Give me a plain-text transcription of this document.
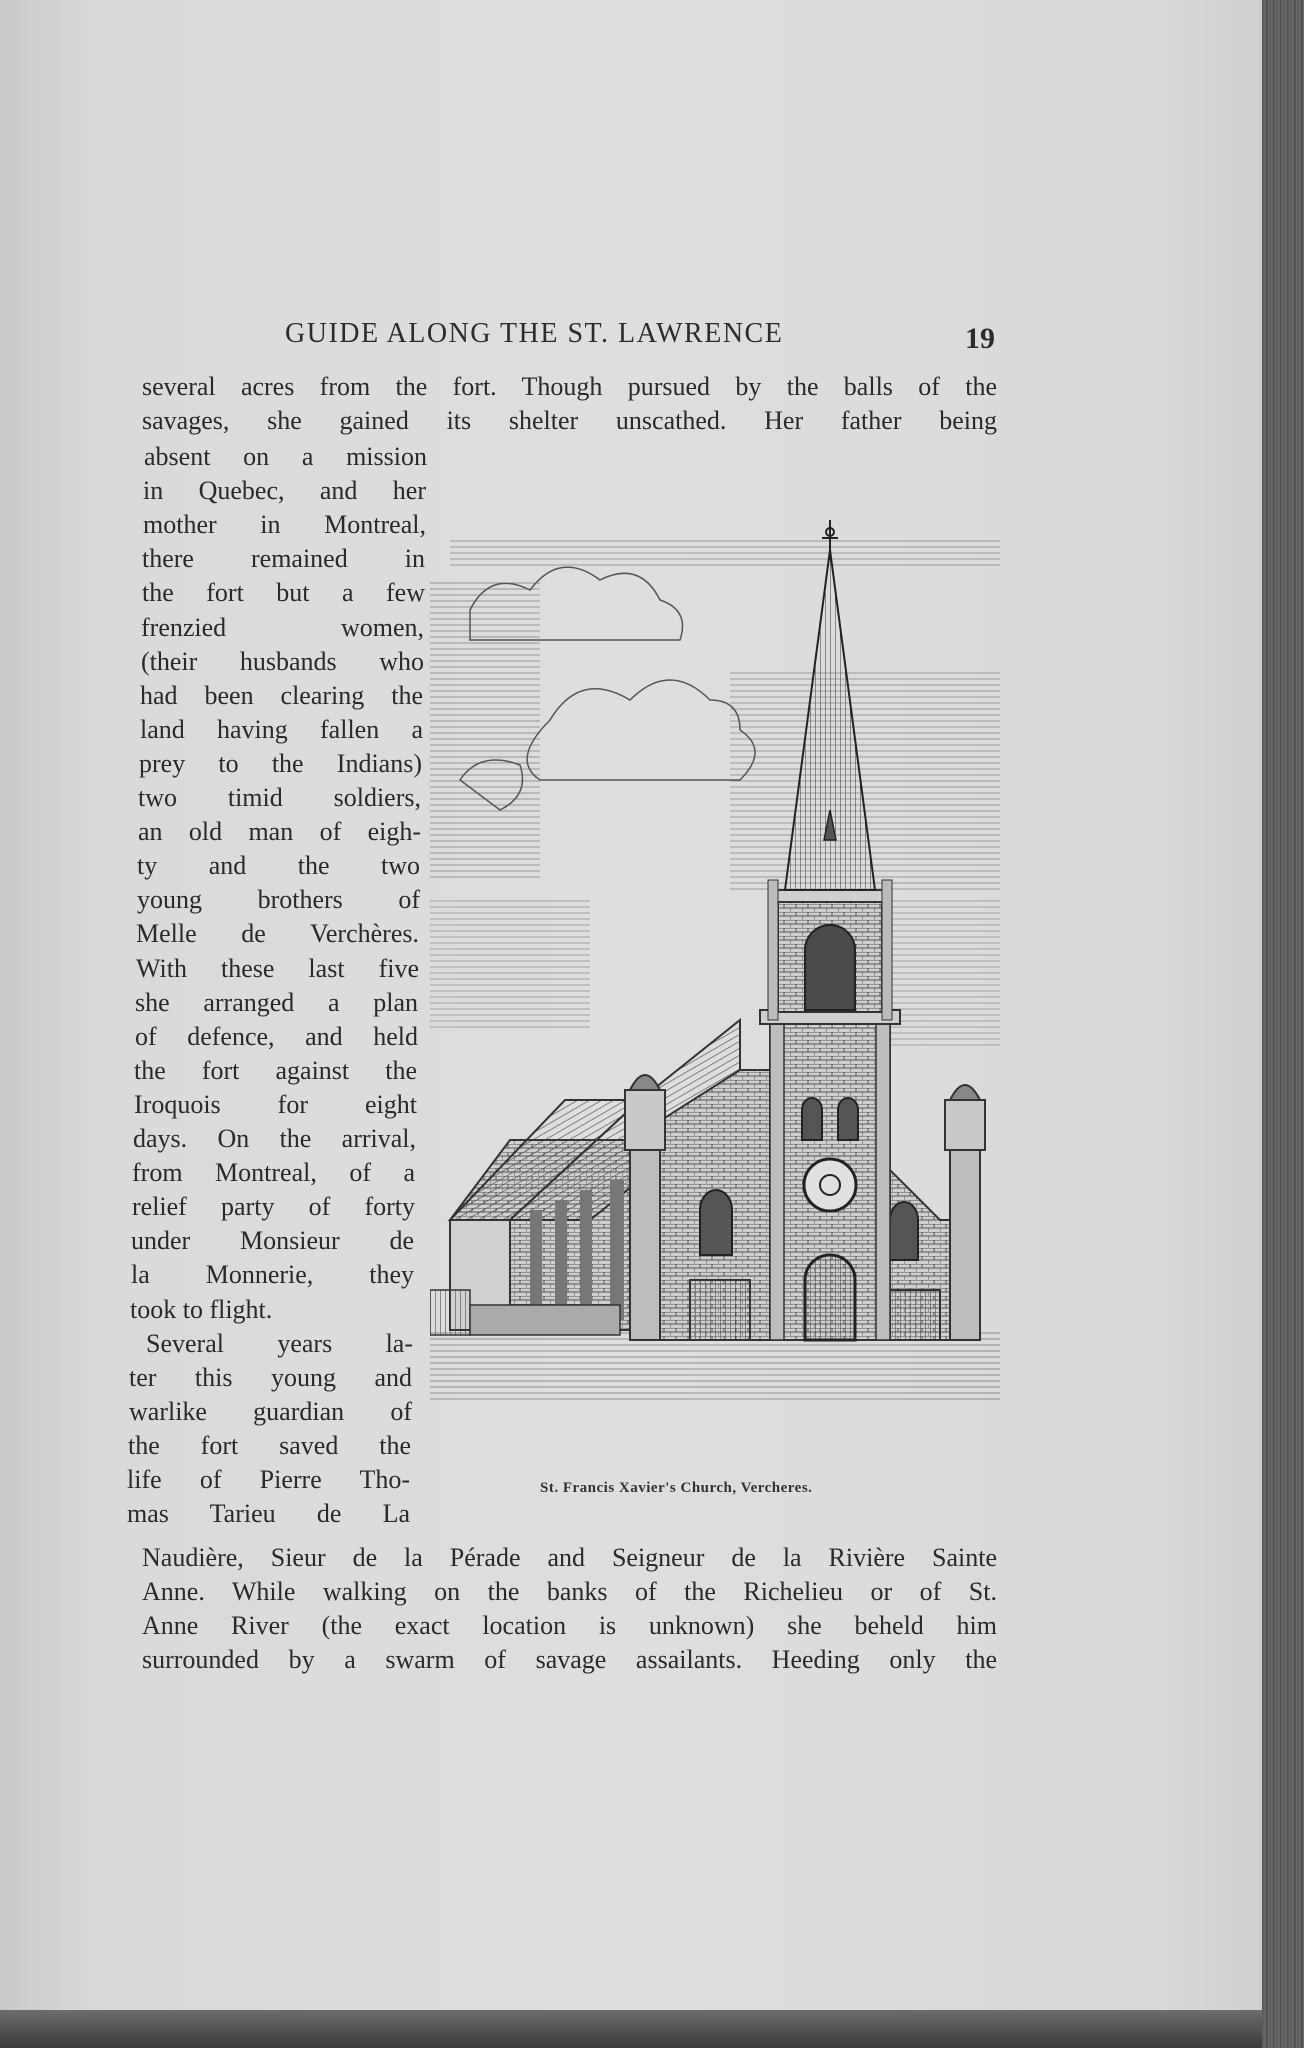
GUIDE ALONG THE ST. LAWRENCE	19
several acres from the fort. Though pursued by the balls of the
savages, she gained its shelter unscathed. Her father being
St. Francis Xavier's Church, Vercheres.
Naudière, Sieur de la Pérade and Seigneur de la Rivière Sainte
Anne. While walking on the banks of the Richelieu or of St.
Anne River (the exact location is unknown) she beheld him
surrounded by a swarm of savage assailants. Heeding only the
absent on a mission
in Quebec, and her
mother in Montreal,
there remained in
the fort but a few
frenzied women,
(their husbands who
had been clearing the
land having fallen a
prey to the Indians)
two timid soldiers,
an old man of eigh-
ty and the two
young brothers of
Melle de Verchères.
With these last five
she arranged a plan
of defence, and held
the fort against the
Iroquois for eight
days. On the arrival,
from Montreal, of a
relief party of forty
under Monsieur de
la Monnerie, they
took to flight.
Several years la-
ter this young and
warlike guardian of
the fort saved the
life of Pierre Tho-
mas Tarieu de La
